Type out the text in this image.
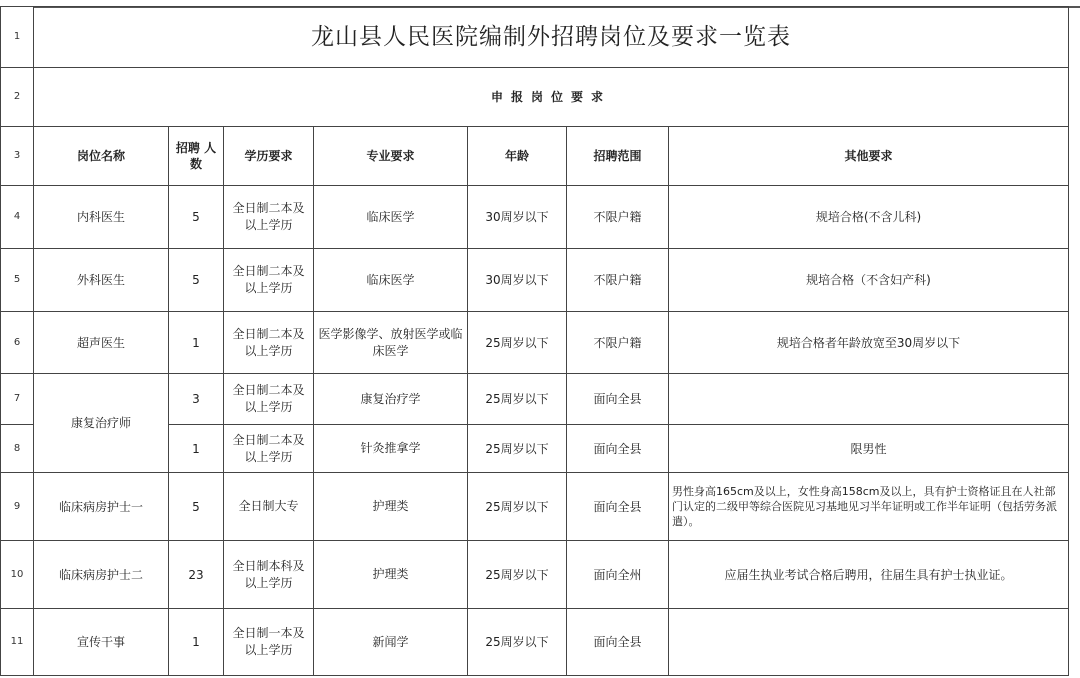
1	龙山县人民医院编制外招聘岗位及要求一览表						
2	申报岗位要求						
3	岗位名称	招聘 人数	学历要求	专业要求	年龄	招聘范围	其他要求
4	内科医生	5	全日制二本及以上学历	临床医学	30周岁以下	不限户籍	规培合格(不含儿科)
5	外科医生	5	全日制二本及以上学历	临床医学	30周岁以下	不限户籍	规培合格（不含妇产科)
6	超声医生	1	全日制二本及以上学历	医学影像学、放射医学或临床医学	25周岁以下	不限户籍	规培合格者年龄放宽至30周岁以下
7	康复治疗师	3	全日制二本及以上学历	康复治疗学	25周岁以下	面向全县	
8		1	全日制二本及以上学历	针灸推拿学	25周岁以下	面向全县	限男性
9	临床病房护士一	5	全日制大专	护理类	25周岁以下	面向全县	男性身高165cm及以上，女性身高158cm及以上，具有护士资格证且在人社部门认定的二级甲等综合医院见习基地见习半年证明或工作半年证明（包括劳务派遣）。
10	临床病房护士二	23	全日制本科及以上学历	护理类	25周岁以下	面向全州	应届生执业考试合格后聘用，往届生具有护士执业证。
11	宣传干事	1	全日制一本及以上学历	新闻学	25周岁以下	面向全县	
